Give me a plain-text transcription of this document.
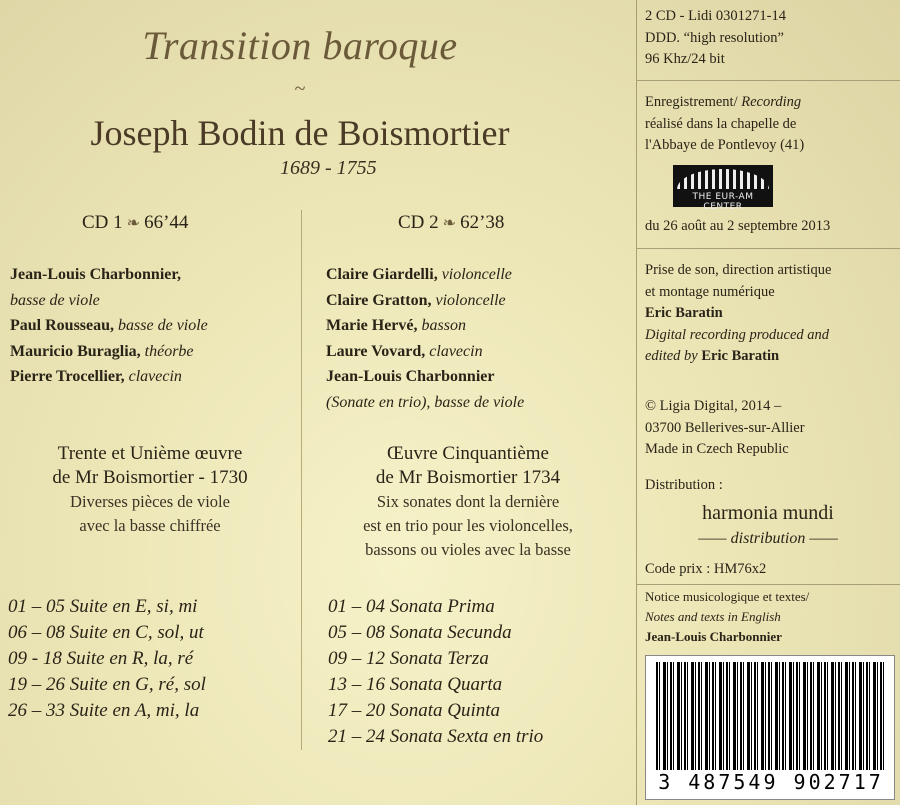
Transition baroque
~
Joseph Bodin de Boismortier
1689 - 1755
CD 1 ❧ 66’44	CD 2 ❧ 62’38
Jean-Louis Charbonnier,
basse de viole
Paul Rousseau, basse de viole
Mauricio Buraglia, théorbe
Pierre Trocellier, clavecin
Claire Giardelli, violoncelle
Claire Gratton, violoncelle
Marie Hervé, basson
Laure Vovard, clavecin
Jean-Louis Charbonnier
(Sonate en trio), basse de viole
Trente et Unième œuvre
de Mr Boismortier - 1730
Diverses pièces de viole
avec la basse chiffrée
Œuvre Cinquantième
de Mr Boismortier 1734
Six sonates dont la dernière
est en trio pour les violoncelles,
bassons ou violes avec la basse
01 – 05 Suite en E, si, mi
06 – 08 Suite en C, sol, ut
09 - 18 Suite en R, la, ré
19 – 26 Suite en G, ré, sol
26 – 33 Suite en A, mi, la
01 – 04 Sonata Prima
05 – 08 Sonata Secunda
09 – 12 Sonata Terza
13 – 16 Sonata Quarta
17 – 20 Sonata Quinta
21 – 24 Sonata Sexta en trio
2 CD - Lidi 0301271-14
DDD. “high resolution”
96 Khz/24 bit
Enregistrement/ Recording
réalisé dans la chapelle de
l'Abbaye de Pontlevoy (41)
THE EUR-AM CENTER
du 26 août au 2 septembre 2013
Prise de son, direction artistique
et montage numérique
Eric Baratin
Digital recording produced and
edited by Eric Baratin
© Ligia Digital, 2014 –
03700 Bellerives-sur-Allier
Made in Czech Republic
Distribution :
harmonia mundi
—— distribution ——
Code prix : HM76x2
Notice musicologique et textes/
Notes and texts in English
Jean-Louis Charbonnier
3 487549 902717
